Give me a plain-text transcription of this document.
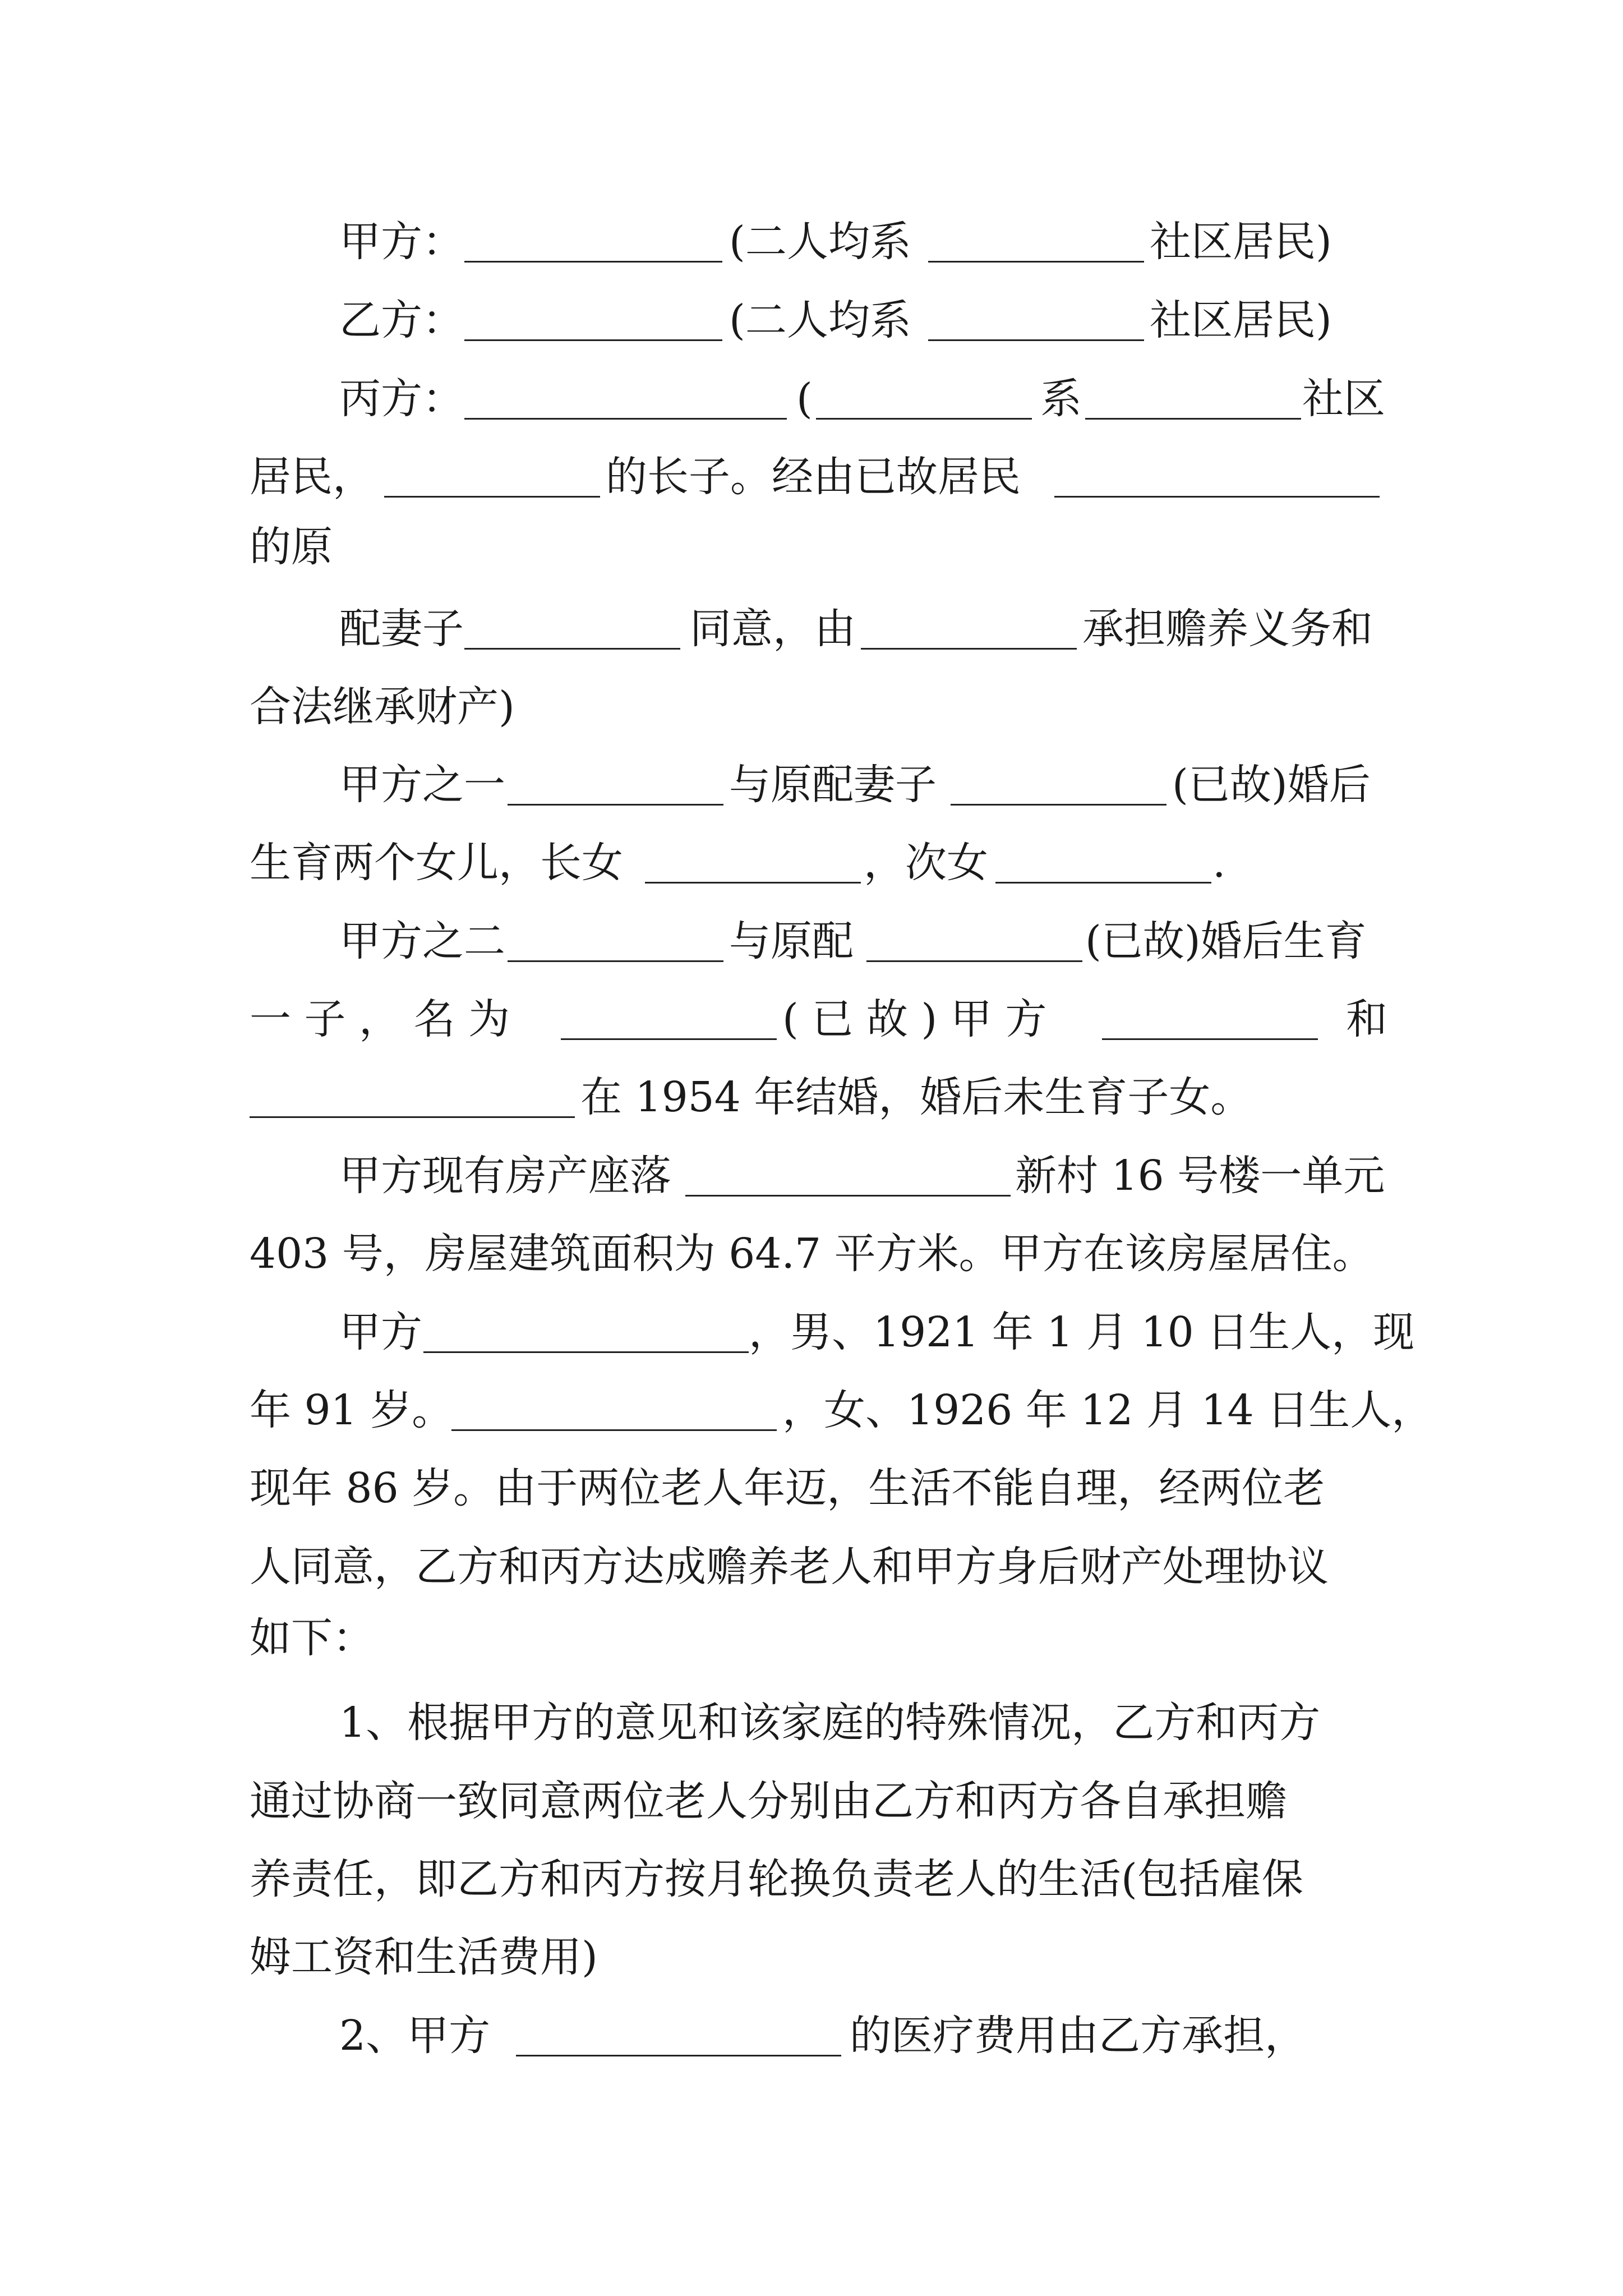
甲方：	(二人均系	社区居民)
乙方：	(二人均系	社区居民)
丙方：	(	系	社区
居民，	的长子。经由已故居民
的原
配妻子	同意，由	承担赡养义务和
合法继承财产)
甲方之一	与原配妻子	(已故)婚后
生育两个女儿，长女	，次女	.
甲方之二	与原配	(已故)婚后生育
一 子 ， 名 为	( 已 故 ) 甲 方	和
在 1954 年结婚，婚后未生育子女。
甲方现有房产座落	新村 16 号楼一单元
403 号，房屋建筑面积为 64.7 平方米。甲方在该房屋居住。
甲方	，男、1921 年 1 月 10 日生人，现
年 91 岁。	，女、1926 年 12 月 14 日生人，
现年 86 岁。由于两位老人年迈，生活不能自理，经两位老
人同意，乙方和丙方达成赡养老人和甲方身后财产处理协议
如下：
1、根据甲方的意见和该家庭的特殊情况，乙方和丙方
通过协商一致同意两位老人分别由乙方和丙方各自承担赡
养责任，即乙方和丙方按月轮换负责老人的生活(包括雇保
姆工资和生活费用)
2、甲方	的医疗费用由乙方承担，
